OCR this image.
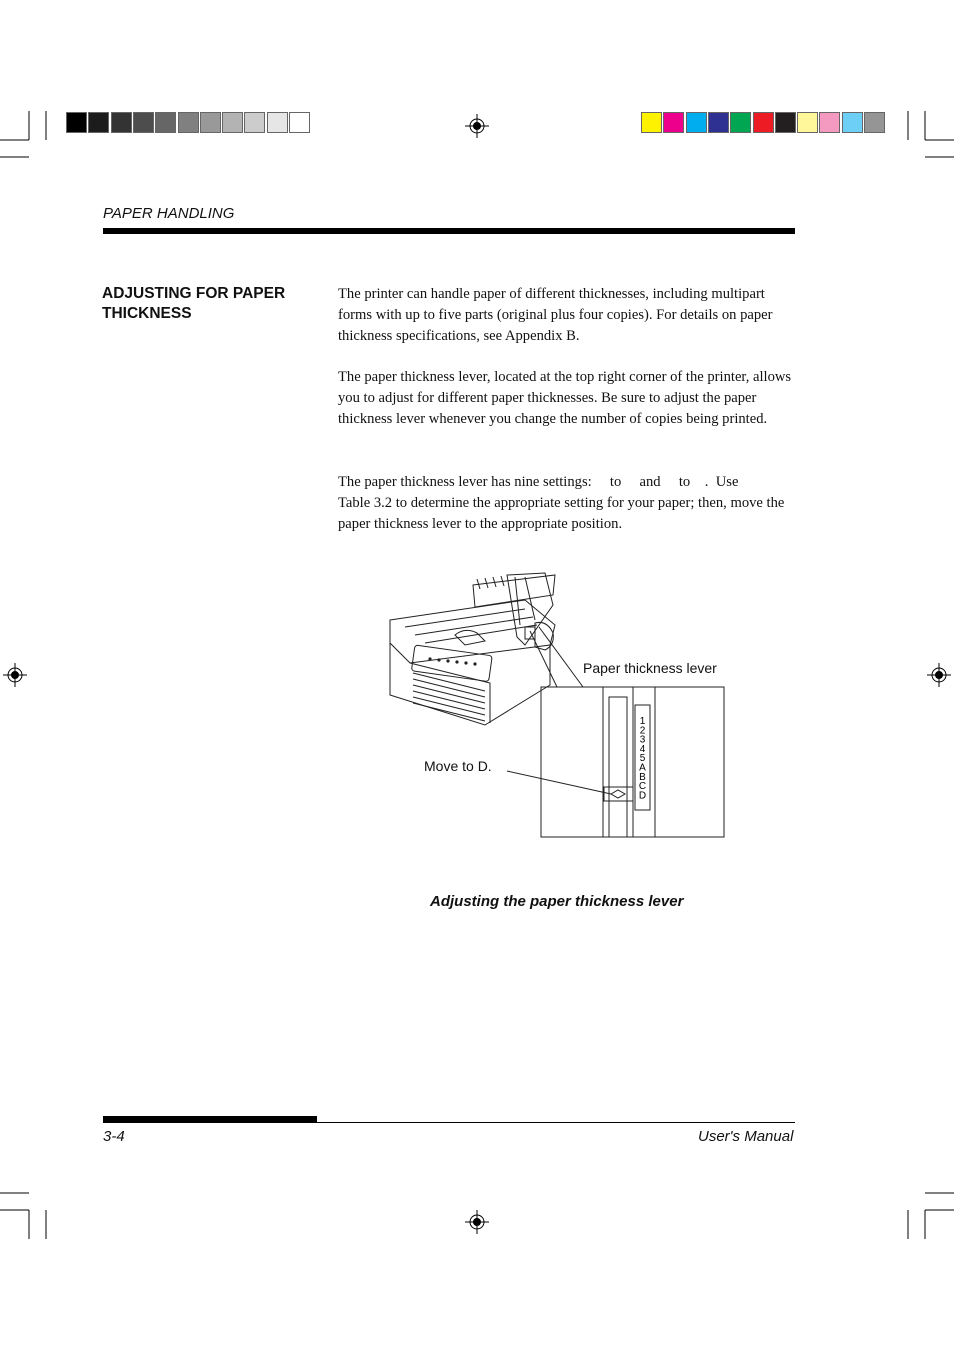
PAPER HANDLING
ADJUSTING FOR PAPER THICKNESS
The printer can handle paper of different thicknesses, including multipart forms with up to five parts (original plus four copies). For details on paper thickness specifications, see Appendix B.
The paper thickness lever, located at the top right corner of the printer, allows you to adjust for different paper thicknesses. Be sure to adjust the paper thickness lever whenever you change the number of copies being printed.
The paper thickness lever has nine settings:     to     and     to    .  Use
Table 3.2 to determine the appropriate setting for your paper; then, move the paper thickness lever to the appropriate position.
1
2
3
4
5
A
B
C
D
Paper thickness lever
Move to D.
Adjusting the paper thickness lever
3-4	User's Manual
